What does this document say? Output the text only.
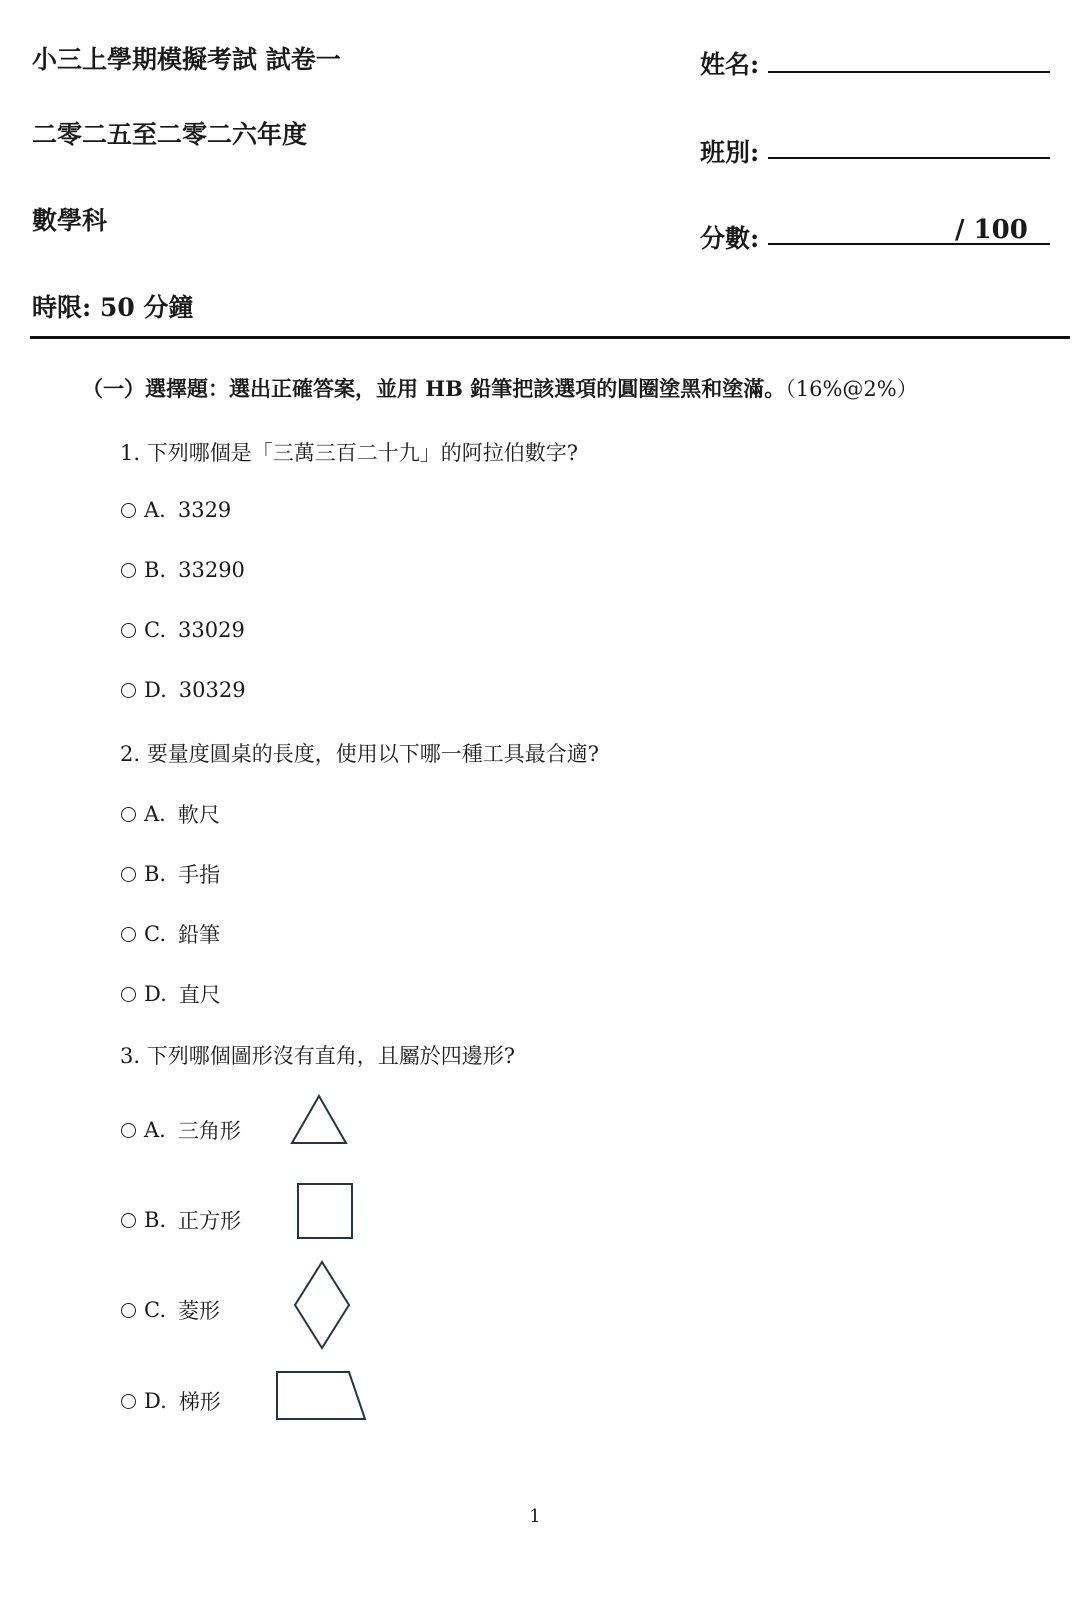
小三上學期模擬考試 試卷一
二零二五至二零二六年度
數學科
時限: 50 分鐘
姓名:
班別:
分數:	/ 100
（一）選擇題：選出正確答案，並用 HB 鉛筆把該選項的圓圈塗黑和塗滿。（16%@2%）
1. 下列哪個是「三萬三百二十九」的阿拉伯數字?
A. 3329
B. 33290
C. 33029
D. 30329
2. 要量度圓桌的長度，使用以下哪一種工具最合適?
A. 軟尺
B. 手指
C. 鉛筆
D. 直尺
3. 下列哪個圖形沒有直角，且屬於四邊形?
A. 三角形
B. 正方形
C. 菱形
D. 梯形
1
